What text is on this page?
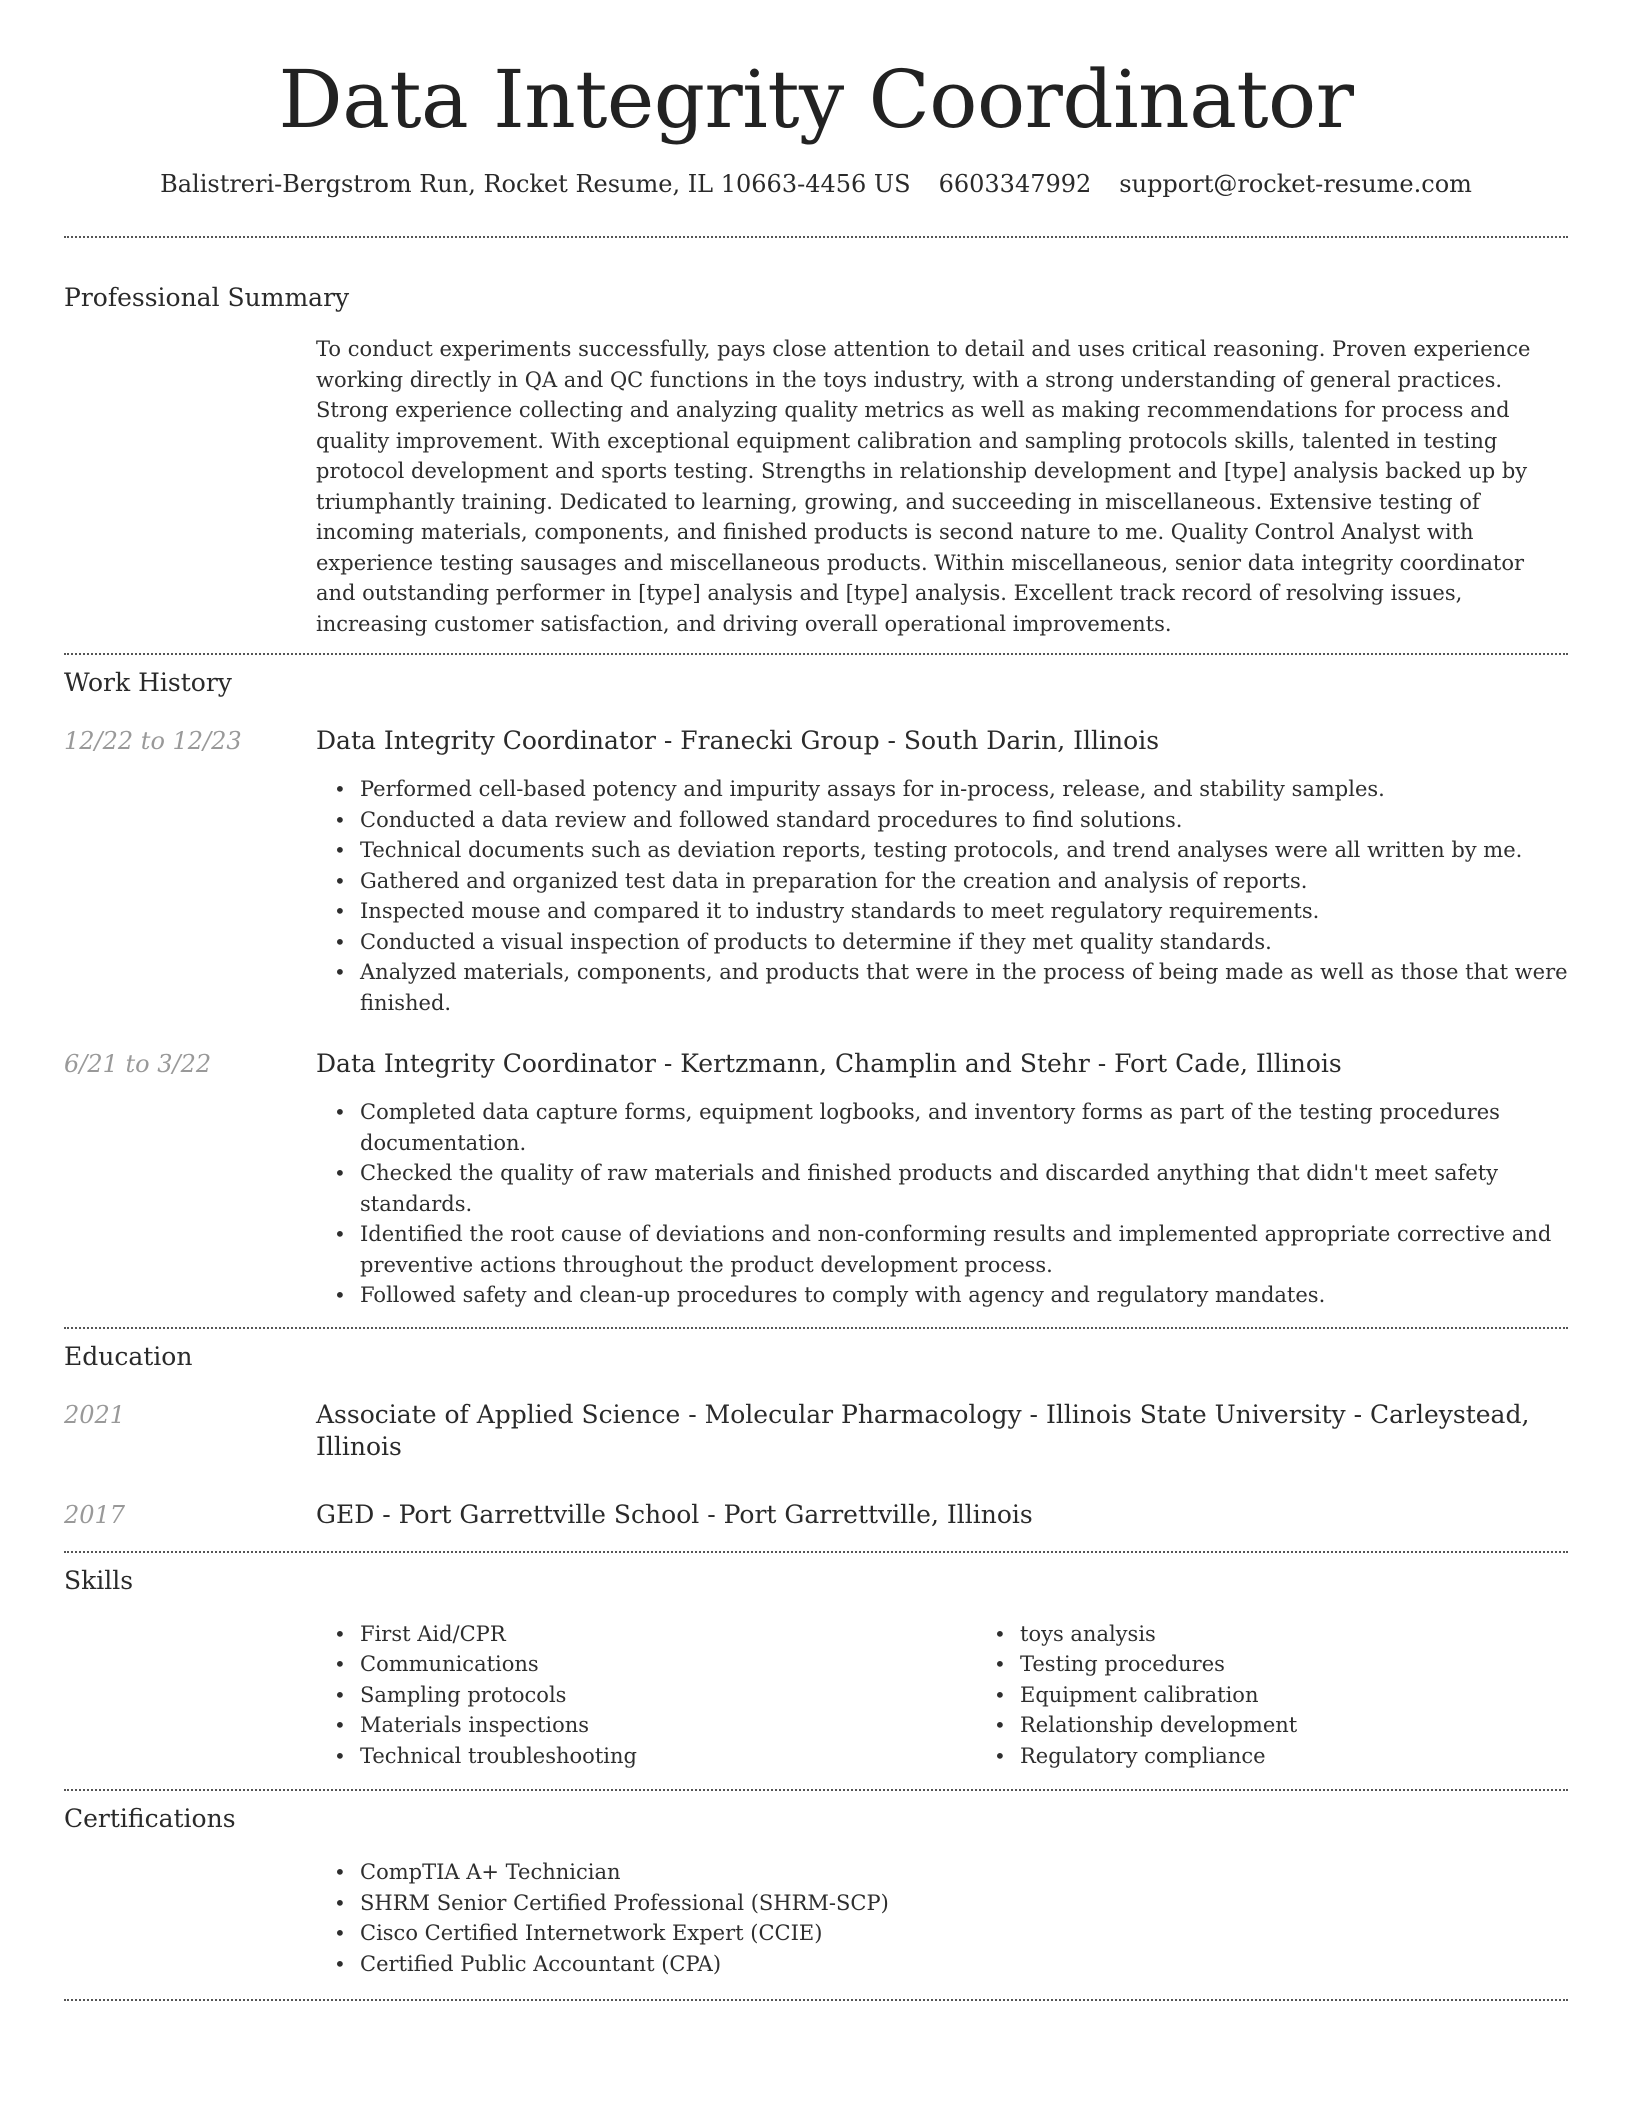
Data Integrity Coordinator
Balistreri-Bergstrom Run, Rocket Resume, IL 10663-4456 US 6603347992 support@rocket-resume.com
Professional Summary

To conduct experiments successfully, pays close attention to detail and uses critical reasoning. Proven experience working directly in QA and QC functions in the toys industry, with a strong understanding of general practices. Strong experience collecting and analyzing quality metrics as well as making recommendations for process and quality improvement. With exceptional equipment calibration and sampling protocols skills, talented in testing protocol development and sports testing. Strengths in relationship development and [type] analysis backed up by triumphantly training. Dedicated to learning, growing, and succeeding in miscellaneous. Extensive testing of incoming materials, components, and finished products is second nature to me. Quality Control Analyst with experience testing sausages and miscellaneous products. Within miscellaneous, senior data integrity coordinator and outstanding performer in [type] analysis and [type] analysis. Excellent track record of resolving issues, increasing customer satisfaction, and driving overall operational improvements.

Work History
12/22 to 12/23	Data Integrity Coordinator - Franecki Group - South Darin, Illinois
• Performed cell-based potency and impurity assays for in-process, release, and stability samples.
• Conducted a data review and followed standard procedures to find solutions.
• Technical documents such as deviation reports, testing protocols, and trend analyses were all written by me.
• Gathered and organized test data in preparation for the creation and analysis of reports.
• Inspected mouse and compared it to industry standards to meet regulatory requirements.
• Conducted a visual inspection of products to determine if they met quality standards.
• Analyzed materials, components, and products that were in the process of being made as well as those that were finished.
6/21 to 3/22	Data Integrity Coordinator - Kertzmann, Champlin and Stehr - Fort Cade, Illinois
• Completed data capture forms, equipment logbooks, and inventory forms as part of the testing procedures documentation.
• Checked the quality of raw materials and finished products and discarded anything that didn't meet safety standards.
• Identified the root cause of deviations and non-conforming results and implemented appropriate corrective and preventive actions throughout the product development process.
• Followed safety and clean-up procedures to comply with agency and regulatory mandates.
Education
2021	Associate of Applied Science - Molecular Pharmacology - Illinois State University - Carleystead, Illinois
2017	GED - Port Garrettville School - Port Garrettville, Illinois
Skills
• First Aid/CPR
• Communications
• Sampling protocols
• Materials inspections
• Technical troubleshooting
• toys analysis
• Testing procedures
• Equipment calibration
• Relationship development
• Regulatory compliance
Certifications
• CompTIA A+ Technician
• SHRM Senior Certified Professional (SHRM-SCP)
• Cisco Certified Internetwork Expert (CCIE)
• Certified Public Accountant (CPA)
